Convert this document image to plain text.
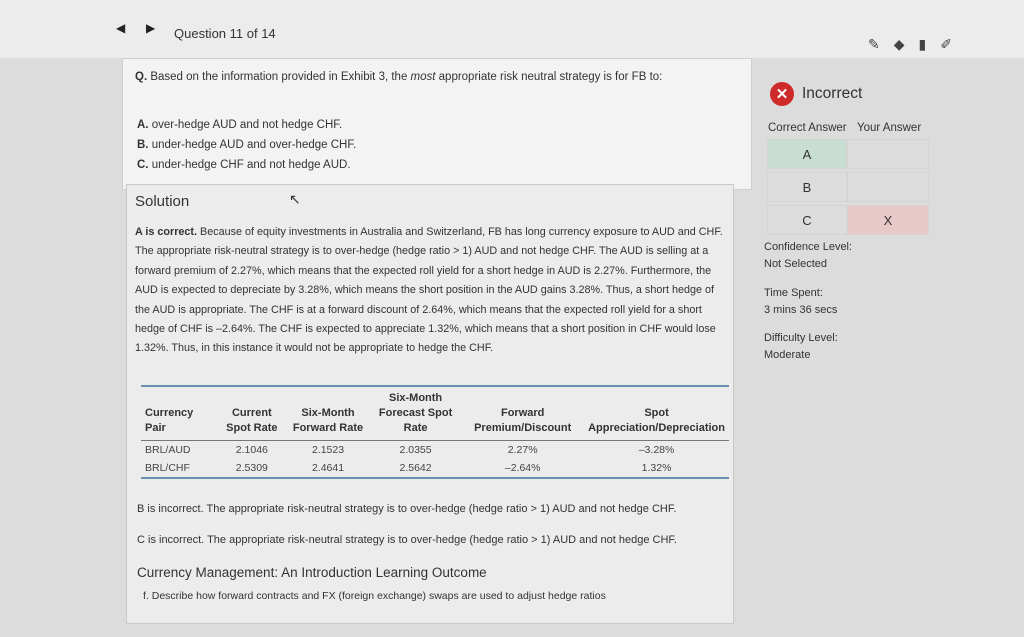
◀ ▶ Question 11 of 14
✎ ◆ ▮ ✐
Q. Based on the information provided in Exhibit 3, the most appropriate risk neutral strategy is for FB to:
A. over-hedge AUD and not hedge CHF.
B. under-hedge AUD and over-hedge CHF.
C. under-hedge CHF and not hedge AUD.
Solution	↖
A is correct. Because of equity investments in Australia and Switzerland, FB has long currency exposure to AUD and CHF. The appropriate risk-neutral strategy is to over-hedge (hedge ratio > 1) AUD and not hedge CHF. The AUD is selling at a forward premium of 2.27%, which means that the expected roll yield for a short hedge in AUD is 2.27%. Furthermore, the AUD is expected to depreciate by 3.28%, which means the short position in the AUD gains 3.28%. Thus, a short hedge of the AUD is appropriate. The CHF is at a forward discount of 2.64%, which means that the expected roll yield for a short hedge of CHF is –2.64%. The CHF is expected to appreciate 1.32%, which means that a short position in CHF would lose 1.32%. Thus, in this instance it would not be appropriate to hedge the CHF.
Currency Pair	Current Spot Rate	Six-Month Forward Rate	Six-Month Forecast Spot Rate	Forward Premium/Discount	Spot Appreciation/Depreciation
BRL/AUD	2.1046	2.1523	2.0355	2.27%	–3.28%
BRL/CHF	2.5309	2.4641	2.5642	–2.64%	1.32%
B is incorrect. The appropriate risk-neutral strategy is to over-hedge (hedge ratio > 1) AUD and not hedge CHF.
C is incorrect. The appropriate risk-neutral strategy is to over-hedge (hedge ratio > 1) AUD and not hedge CHF.
Currency Management: An Introduction Learning Outcome
f. Describe how forward contracts and FX (foreign exchange) swaps are used to adjust hedge ratios
✕ Incorrect
Correct Answer Your Answer
A
B
C	X
Confidence Level:
Not Selected
Time Spent:
3 mins 36 secs
Difficulty Level:
Moderate
